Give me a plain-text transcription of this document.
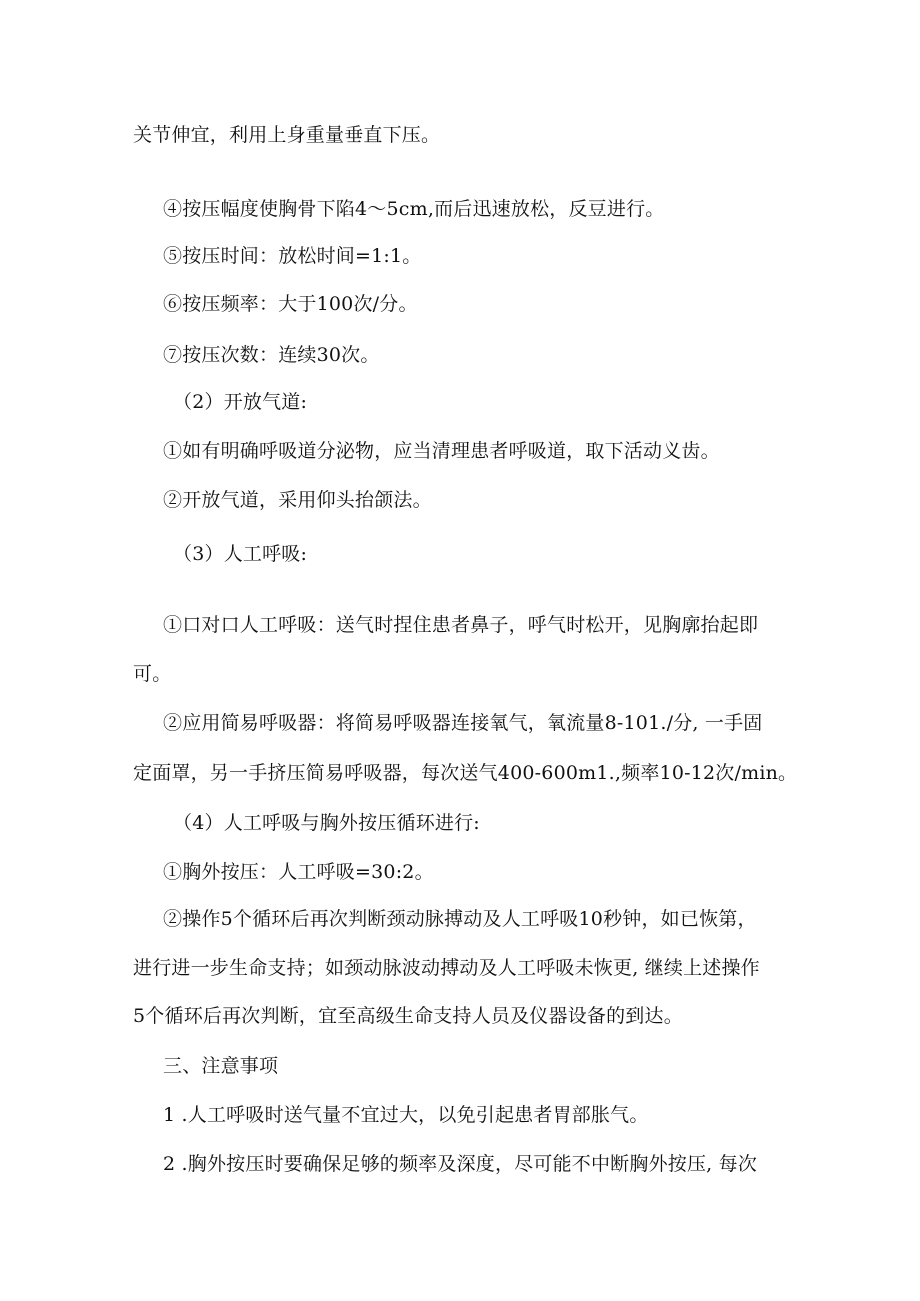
关节伸宜，利用上身重量垂直下压。
④按压幅度使胸骨下陷4～5cm,而后迅速放松，反豆进行。
⑤按压时间：放松时间=1:1。
⑥按压频率：大于100次/分。
⑦按压次数：连续30次。
（2）开放气道:
①如有明确呼吸道分泌物，应当清理患者呼吸道，取下活动义齿。
②开放气道，采用仰头抬颌法。
（3）人工呼吸:
①口对口人工呼吸：送气时捏住患者鼻子，呼气时松开，见胸廓抬起即
可。
②应用简易呼吸器：将简易呼吸器连接氧气，氧流量8-101./分, 一手固
定面罩，另一手挤压简易呼吸器，每次送气400-600m1.,频率10-12次/min。
（4）人工呼吸与胸外按压循环进行:
①胸外按压：人工呼吸=30:2。
②操作5个循环后再次判断颈动脉搏动及人工呼吸10秒钟，如已恢第，
进行进一步生命支持；如颈动脉波动搏动及人工呼吸未恢更, 继续上述操作
5个循环后再次判断，宜至高级生命支持人员及仪器设备的到达。
三、注意事项
1 .人工呼吸时送气量不宜过大，以免引起患者胃部胀气。
2 .胸外按压时要确保足够的频率及深度，尽可能不中断胸外按压, 每次
